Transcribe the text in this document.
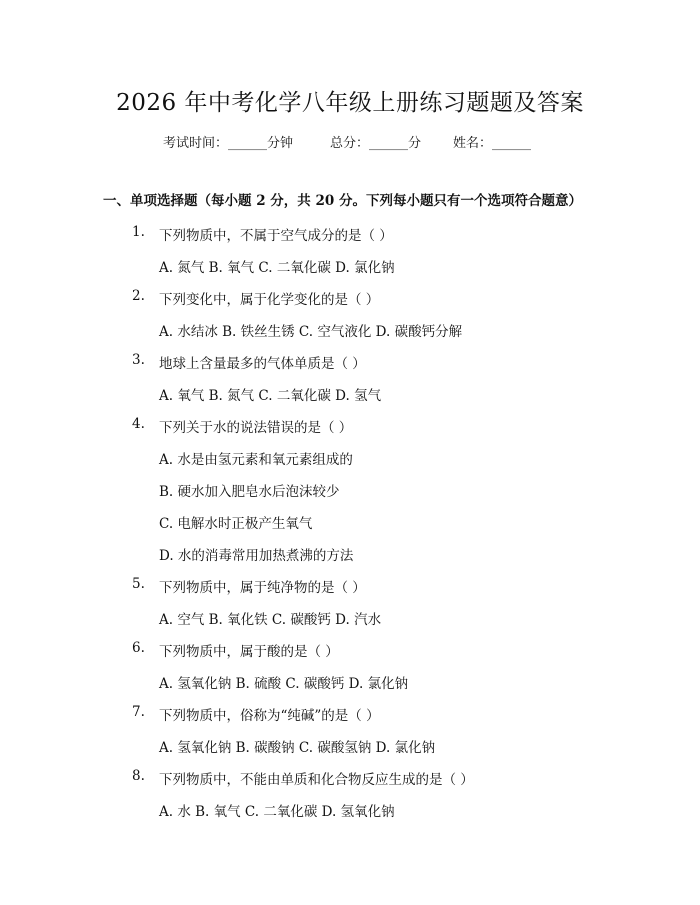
2026 年中考化学八年级上册练习题题及答案
考试时间：______分钟	总分：______分 姓名：______
一、单项选择题（每小题 2 分，共 20 分。下列每小题只有一个选项符合题意）
1. 下列物质中，不属于空气成分的是（ ）
A. 氮气 B. 氧气 C. 二氧化碳 D. 氯化钠
2. 下列变化中，属于化学变化的是（ ）
A. 水结冰 B. 铁丝生锈 C. 空气液化 D. 碳酸钙分解
3. 地球上含量最多的气体单质是（ ）
A. 氧气 B. 氮气 C. 二氧化碳 D. 氢气
4. 下列关于水的说法错误的是（ ）
A. 水是由氢元素和氧元素组成的
B. 硬水加入肥皂水后泡沫较少
C. 电解水时正极产生氧气
D. 水的消毒常用加热煮沸的方法
5. 下列物质中，属于纯净物的是（ ）
A. 空气 B. 氧化铁 C. 碳酸钙 D. 汽水
6. 下列物质中，属于酸的是（ ）
A. 氢氧化钠 B. 硫酸 C. 碳酸钙 D. 氯化钠
7. 下列物质中，俗称为“纯碱”的是（ ）
A. 氢氧化钠 B. 碳酸钠 C. 碳酸氢钠 D. 氯化钠
8. 下列物质中，不能由单质和化合物反应生成的是（ ）
A. 水 B. 氧气 C. 二氧化碳 D. 氢氧化钠
